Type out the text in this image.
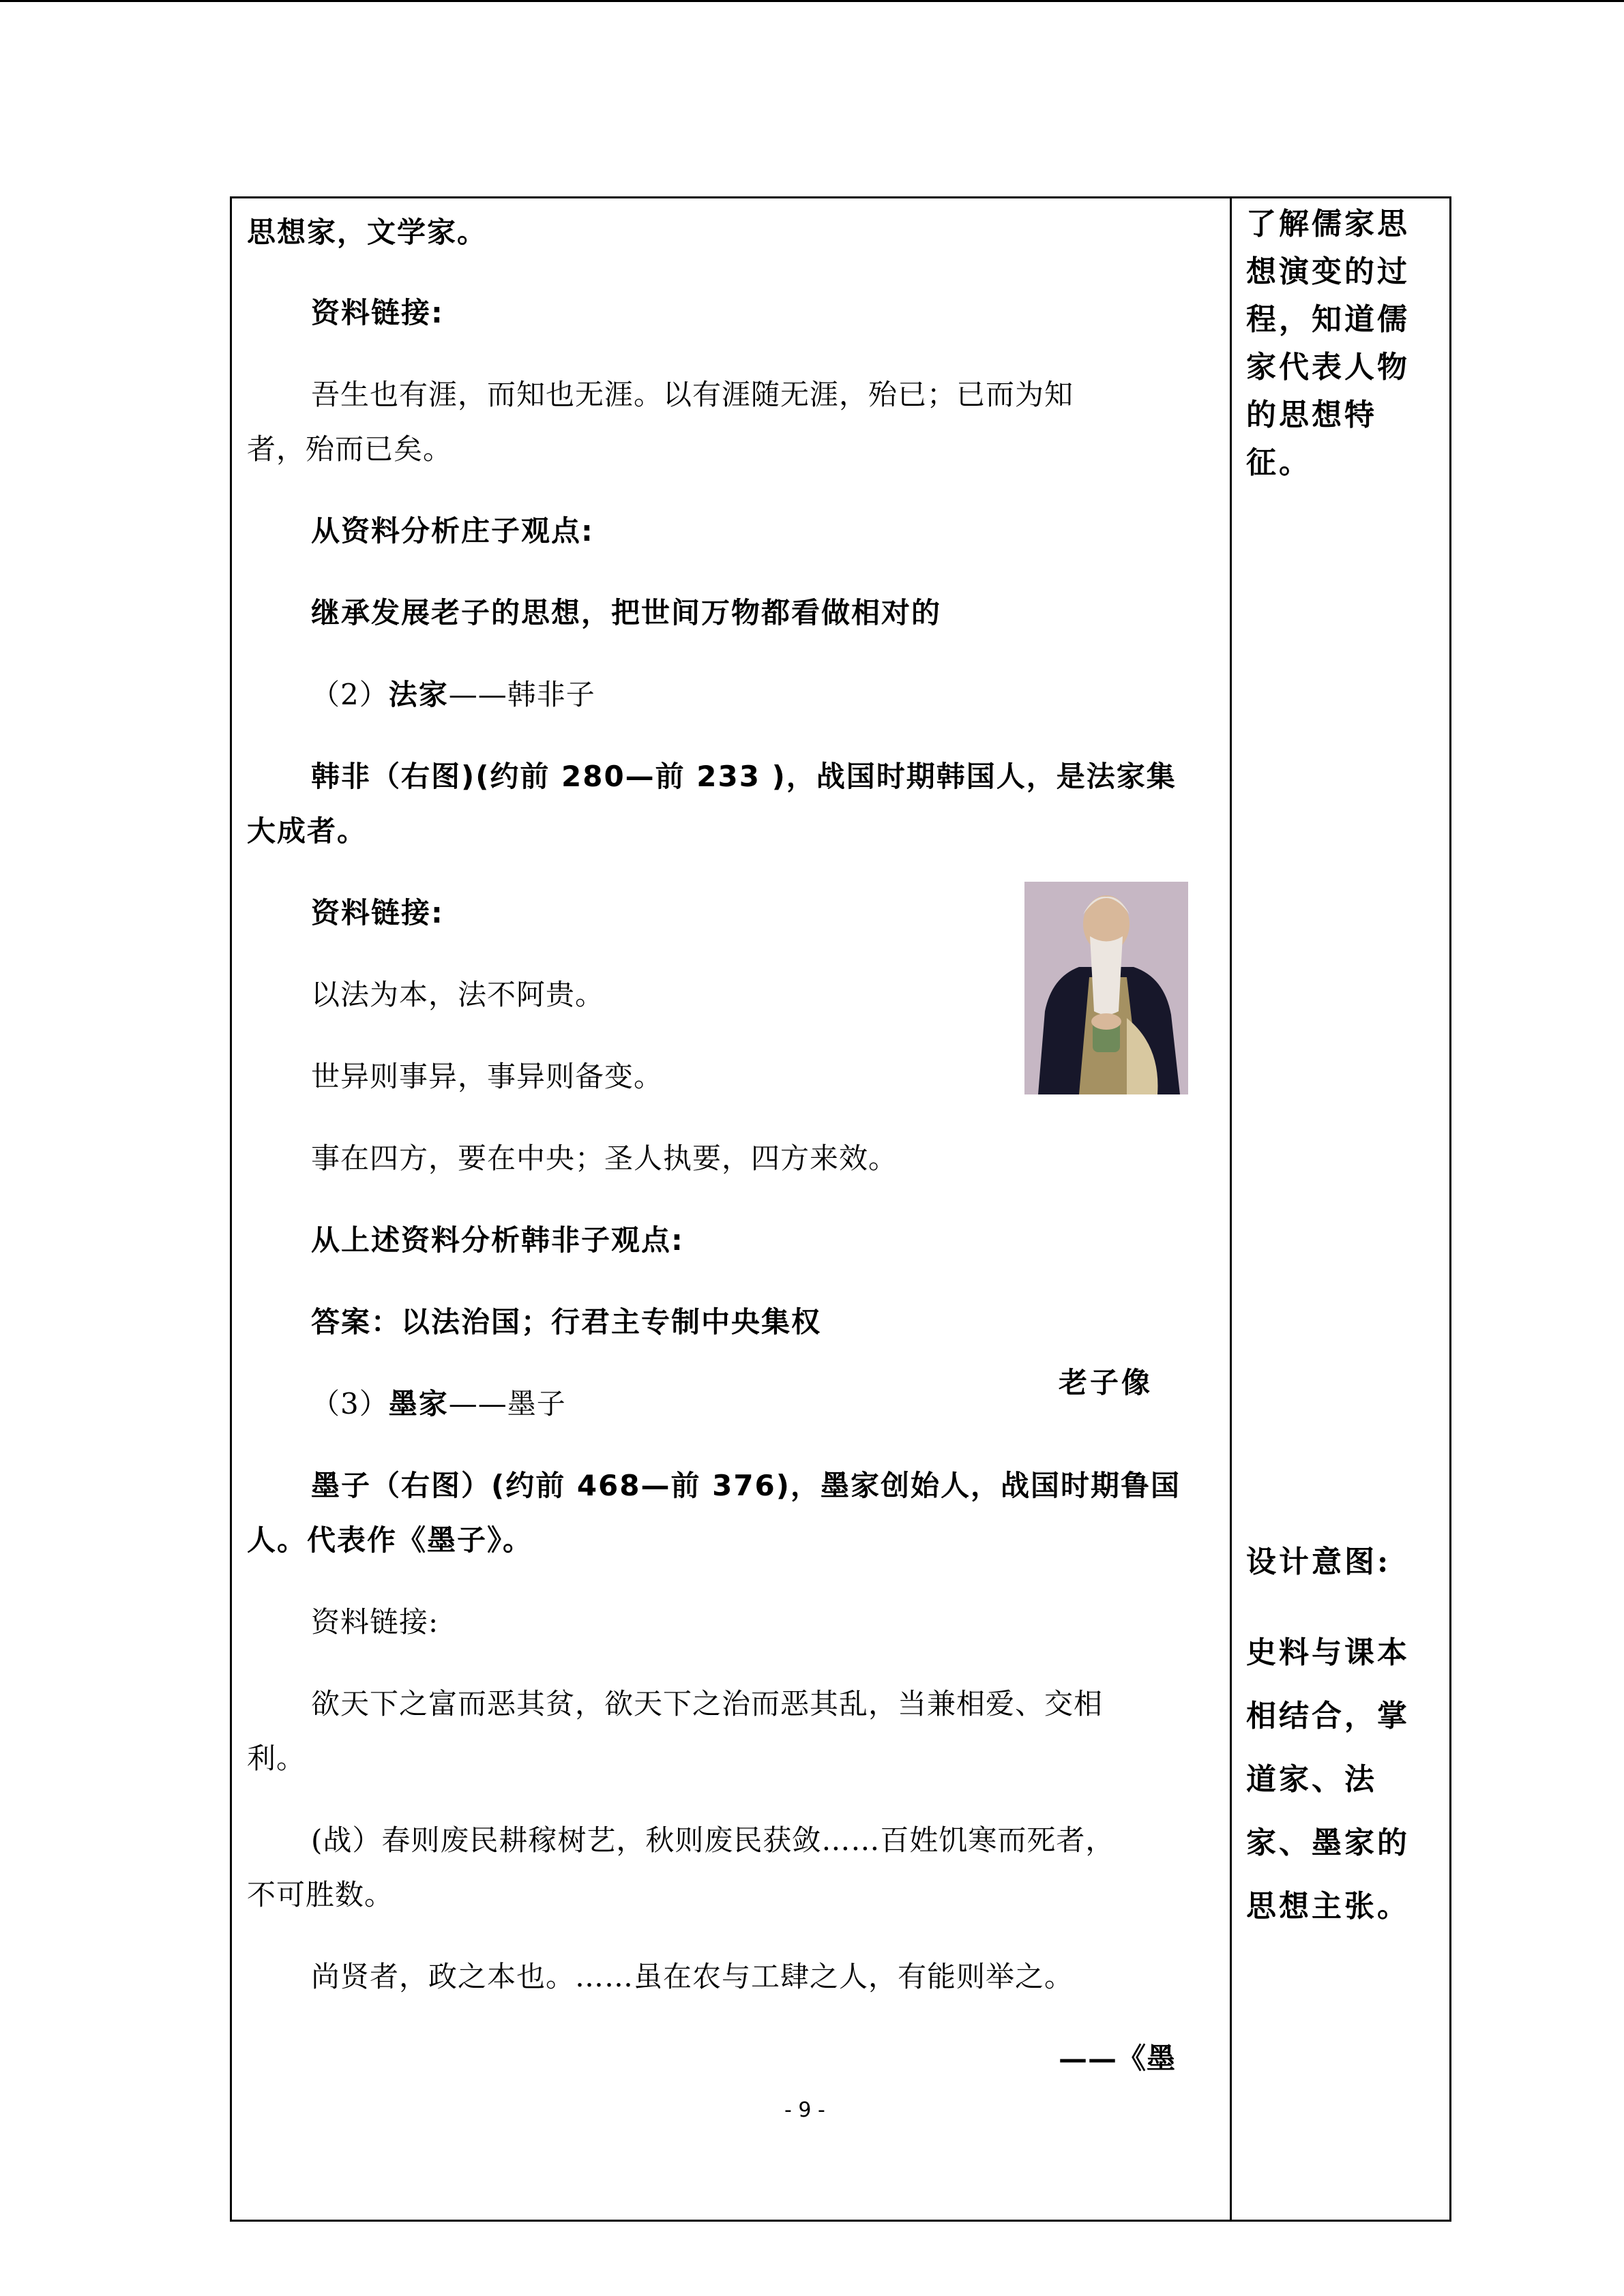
思想家，文学家。
资料链接:
吾生也有涯，而知也无涯。以有涯随无涯，殆已；已而为知
者，殆而已矣。
从资料分析庄子观点:
继承发展老子的思想，把世间万物都看做相对的
（2）法家——韩非子
韩非（右图)(约前 280—前 233 )，战国时期韩国人，是法家集
大成者。
资料链接:
以法为本，法不阿贵。
世异则事异，事异则备变。
事在四方，要在中央；圣人执要，四方来效。
从上述资料分析韩非子观点:
答案：以法治国；行君主专制中央集权
（3）墨家——墨子
墨子（右图）(约前 468—前 376)，墨家创始人，战国时期鲁国
人。代表作《墨子》。
资料链接:
欲天下之富而恶其贫，欲天下之治而恶其乱，当兼相爱、交相
利。
(战）春则废民耕稼树艺，秋则废民获敛……百姓饥寒而死者，
不可胜数。
尚贤者，政之本也。……虽在农与工肆之人，有能则举之。
——《墨
了解儒家思
想演变的过
程，知道儒
家代表人物
的思想特
征。
设计意图:
史料与课本
相结合，掌
道家、法
家、墨家的
思想主张。
老子像
- 9 -
